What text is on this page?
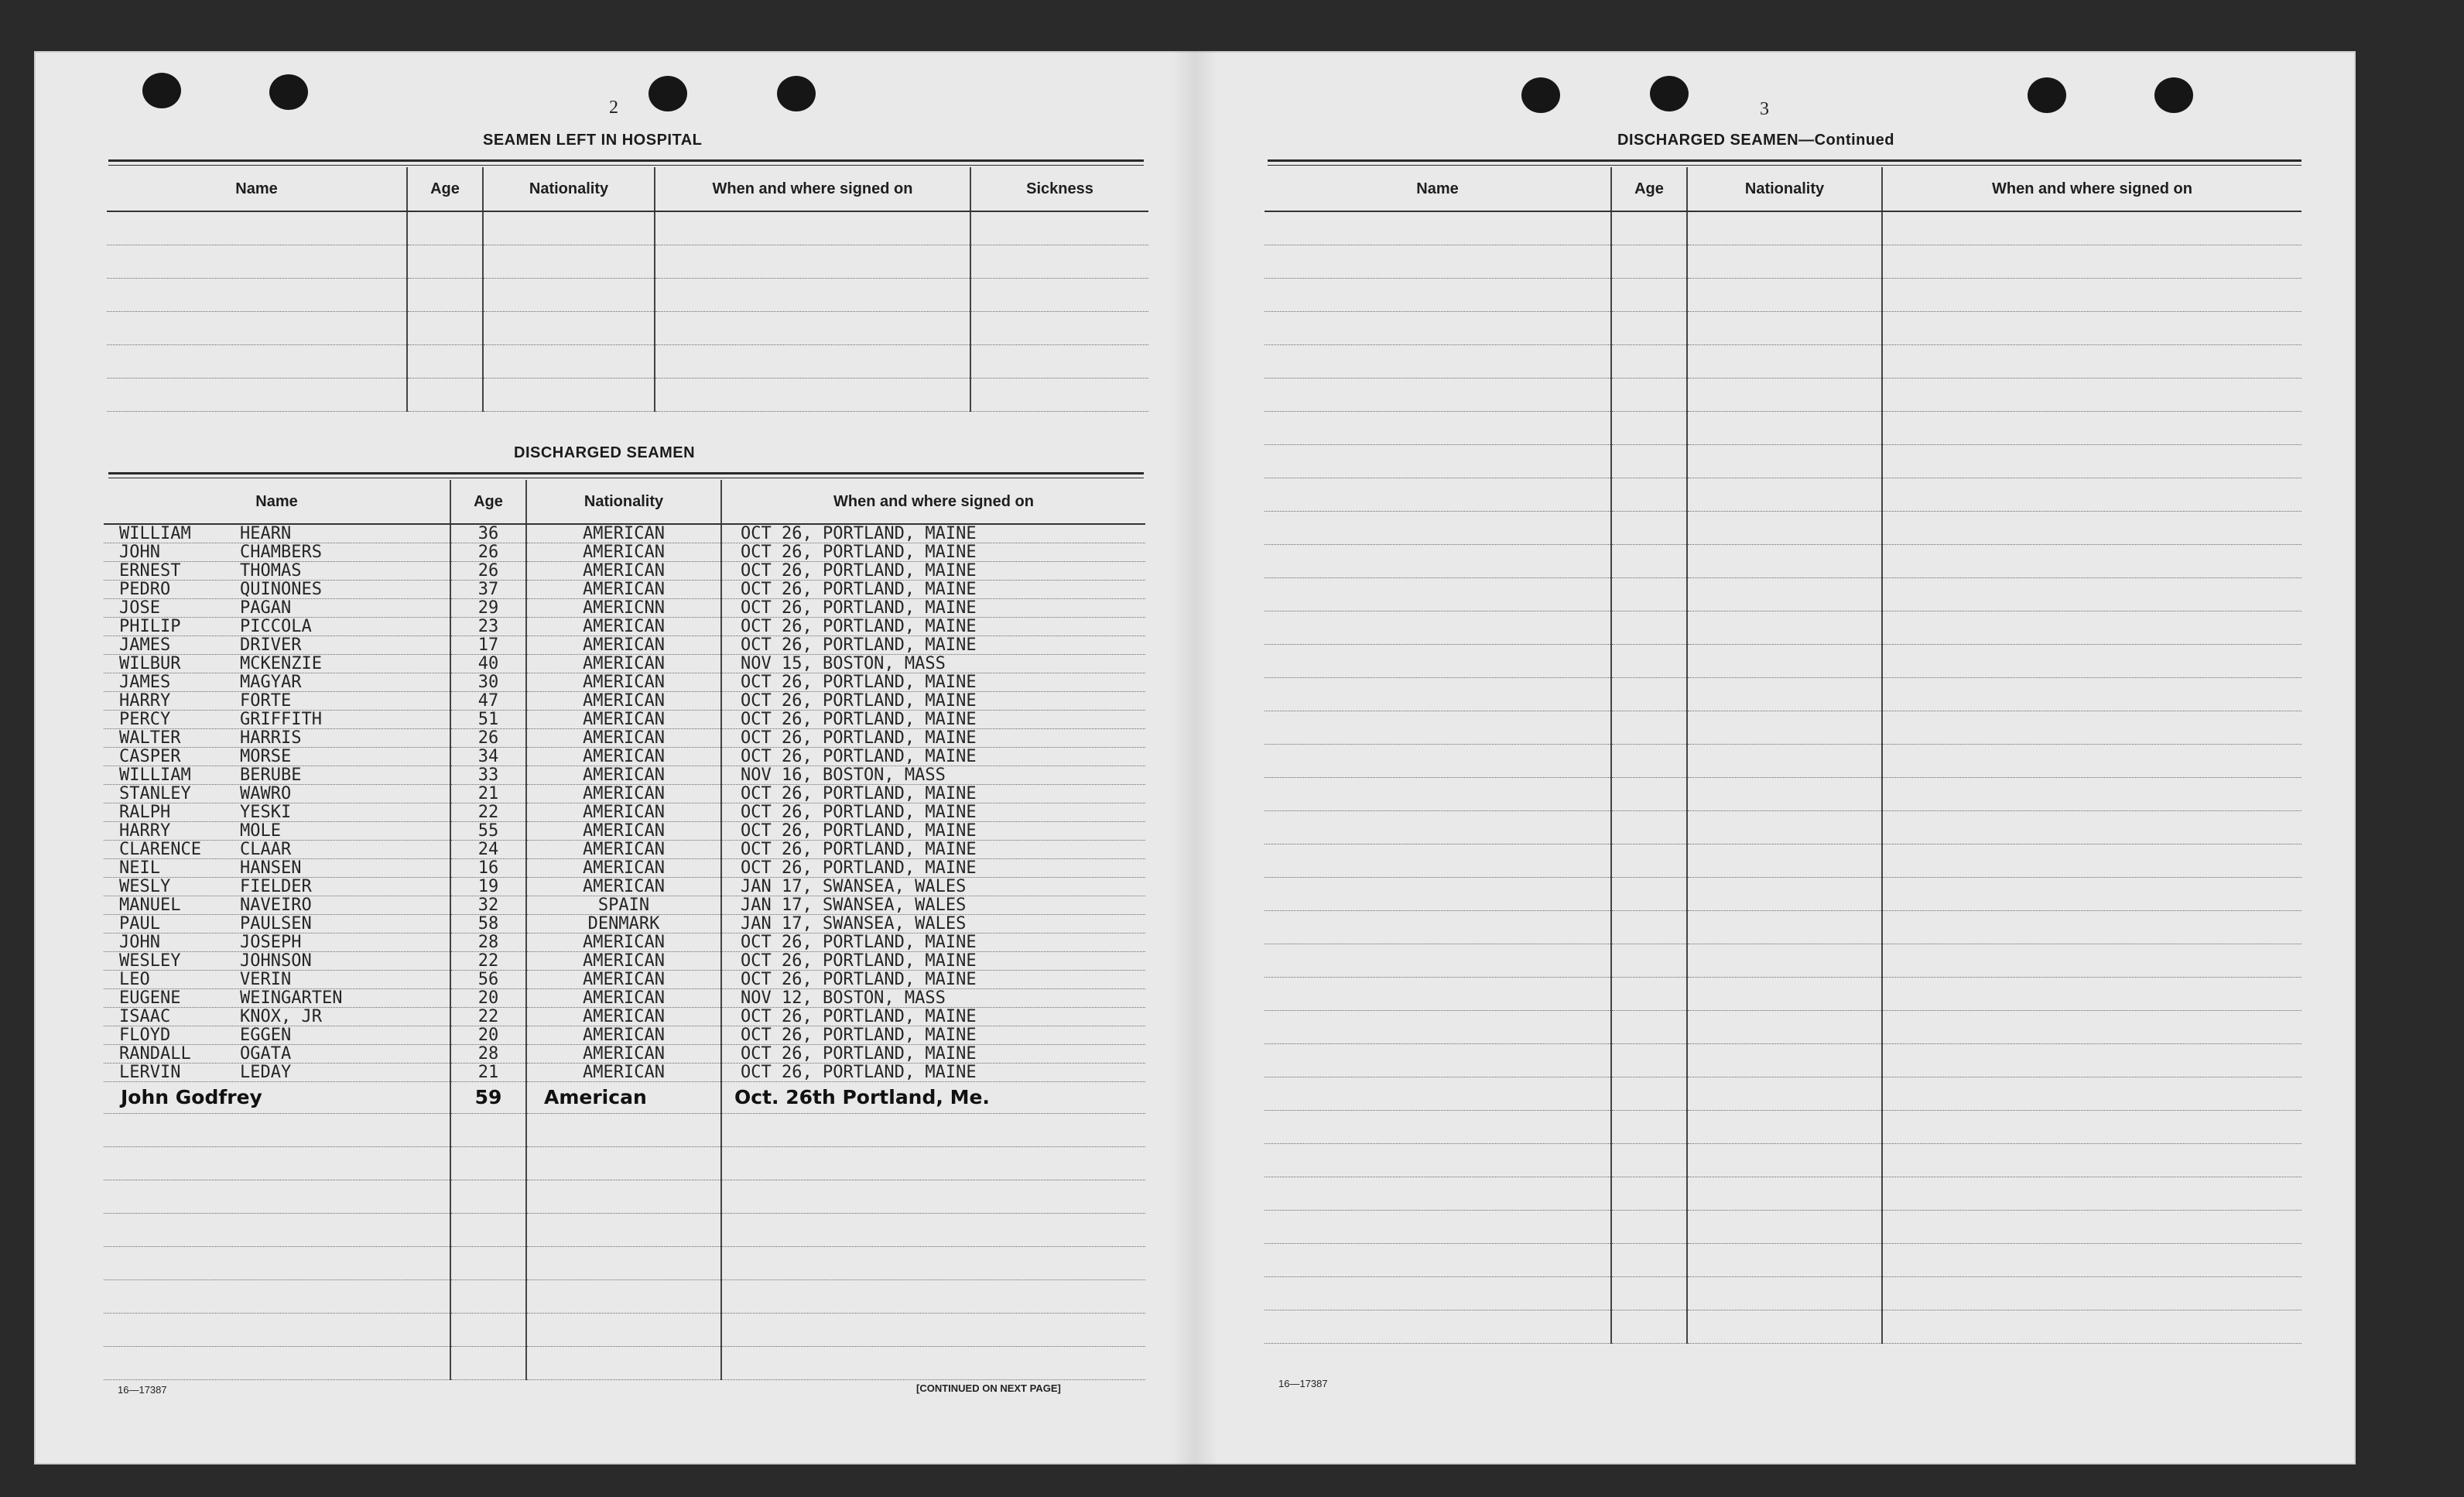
2
SEAMEN LEFT IN HOSPITAL
Name	Age	Nationality	When and where signed on	Sickness

DISCHARGED SEAMEN
Name	Age	Nationality	When and where signed on
WILLIAM HEARN	36	AMERICAN	OCT 26, PORTLAND, MAINE
JOHN CHAMBERS	26	AMERICAN	OCT 26, PORTLAND, MAINE
ERNEST THOMAS	26	AMERICAN	OCT 26, PORTLAND, MAINE
PEDRO QUINONES	37	AMERICAN	OCT 26, PORTLAND, MAINE
JOSE PAGAN	29	AMERICNN	OCT 26, PORTLAND, MAINE
PHILIP PICCOLA	23	AMERICAN	OCT 26, PORTLAND, MAINE
JAMES DRIVER	17	AMERICAN	OCT 26, PORTLAND, MAINE
WILBUR MCKENZIE	40	AMERICAN	NOV 15, BOSTON, MASS
JAMES MAGYAR	30	AMERICAN	OCT 26, PORTLAND, MAINE
HARRY FORTE	47	AMERICAN	OCT 26, PORTLAND, MAINE
PERCY GRIFFITH	51	AMERICAN	OCT 26, PORTLAND, MAINE
WALTER HARRIS	26	AMERICAN	OCT 26, PORTLAND, MAINE
CASPER MORSE	34	AMERICAN	OCT 26, PORTLAND, MAINE
WILLIAM BERUBE	33	AMERICAN	NOV 16, BOSTON, MASS
STANLEY WAWRO	21	AMERICAN	OCT 26, PORTLAND, MAINE
RALPH YESKI	22	AMERICAN	OCT 26, PORTLAND, MAINE
HARRY MOLE	55	AMERICAN	OCT 26, PORTLAND, MAINE
CLARENCE CLAAR	24	AMERICAN	OCT 26, PORTLAND, MAINE
NEIL HANSEN	16	AMERICAN	OCT 26, PORTLAND, MAINE
WESLY FIELDER	19	AMERICAN	JAN 17, SWANSEA, WALES
MANUEL NAVEIRO	32	SPAIN	JAN 17, SWANSEA, WALES
PAUL PAULSEN	58	DENMARK	JAN 17, SWANSEA, WALES
JOHN JOSEPH	28	AMERICAN	OCT 26, PORTLAND, MAINE
WESLEY JOHNSON	22	AMERICAN	OCT 26, PORTLAND, MAINE
LEO VERIN	56	AMERICAN	OCT 26, PORTLAND, MAINE
EUGENE WEINGARTEN	20	AMERICAN	NOV 12, BOSTON, MASS
ISAAC KNOX, JR	22	AMERICAN	OCT 26, PORTLAND, MAINE
FLOYD EGGEN	20	AMERICAN	OCT 26, PORTLAND, MAINE
RANDALL OGATA	28	AMERICAN	OCT 26, PORTLAND, MAINE
LERVIN LEDAY	21	AMERICAN	OCT 26, PORTLAND, MAINE
John Godfrey	59	American	Oct. 26th Portland, Me.

16—17387	[CONTINUED ON NEXT PAGE]
3
DISCHARGED SEAMEN—Continued
Name	Age	Nationality	When and where signed on

16—17387
